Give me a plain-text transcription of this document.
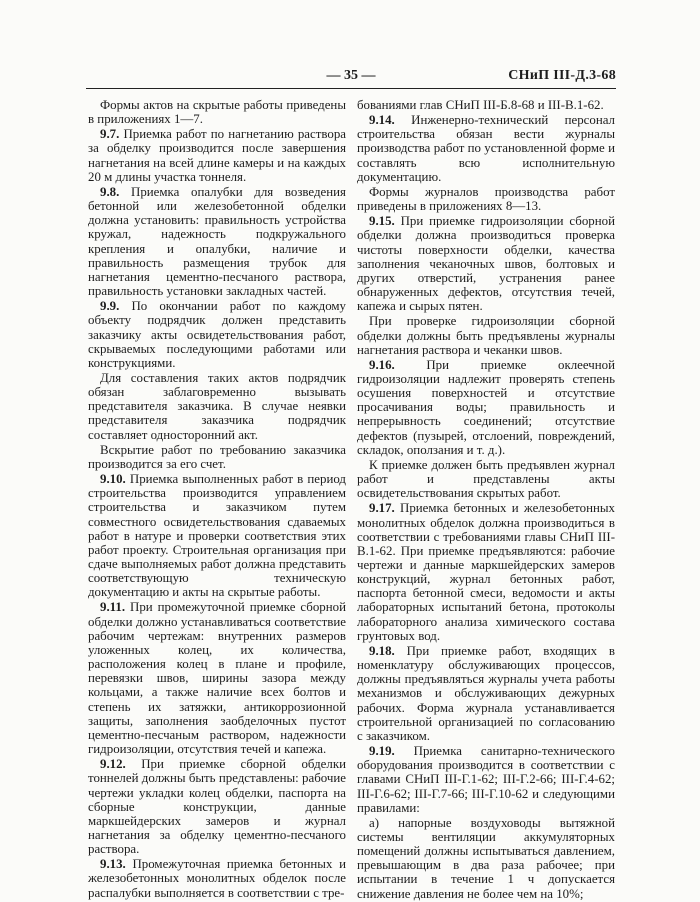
— 35 —	СНиП III-Д.3-68

Формы актов на скрытые работы приведены в приложениях 1—7.

9.7. Приемка работ по нагнетанию раствора за обделку производится после завершения нагнетания на всей длине камеры и на каждых 20 м длины участка тоннеля.

9.8. Приемка опалубки для возведения бетонной или железобетонной обделки должна установить: правильность устройства кружал, надежность подкружального крепления и опалубки, наличие и правильность размещения трубок для нагнетания цементно-песчаного раствора, правильность установки закладных частей.

9.9. По окончании работ по каждому объекту подрядчик должен представить заказчику акты освидетельствования работ, скрываемых последующими работами или конструкциями.

Для составления таких актов подрядчик обязан заблаговременно вызывать представителя заказчика. В случае неявки представителя заказчика подрядчик составляет односторонний акт.

Вскрытие работ по требованию заказчика производится за его счет.

9.10. Приемка выполненных работ в период строительства производится управлением строительства и заказчиком путем совместного освидетельствования сдаваемых работ в натуре и проверки соответствия этих работ проекту. Строительная организация при сдаче выполняемых работ должна представить соответствующую техническую документацию и акты на скрытые работы.

9.11. При промежуточной приемке сборной обделки должно устанавливаться соответствие рабочим чертежам: внутренних размеров уложенных колец, их количества, расположения колец в плане и профиле, перевязки швов, ширины зазора между кольцами, а также наличие всех болтов и степень их затяжки, антикоррозионной защиты, заполнения заобделочных пустот цементно-песчаным раствором, надежности гидроизоляции, отсутствия течей и капежа.

9.12. При приемке сборной обделки тоннелей должны быть представлены: рабочие чертежи укладки колец обделки, паспорта на сборные конструкции, данные маркшейдерских замеров и журнал нагнетания за обделку цементно-песчаного раствора.

9.13. Промежуточная приемка бетонных и железобетонных монолитных обделок после распалубки выполняется в соответствии с тре-

бованиями глав СНиП III-Б.8-68 и III-В.1-62.

9.14. Инженерно-технический персонал строительства обязан вести журналы производства работ по установленной форме и составлять всю исполнительную документацию.

Формы журналов производства работ приведены в приложениях 8—13.

9.15. При приемке гидроизоляции сборной обделки должна производиться проверка чистоты поверхности обделки, качества заполнения чеканочных швов, болтовых и других отверстий, устранения ранее обнаруженных дефектов, отсутствия течей, капежа и сырых пятен.

При проверке гидроизоляции сборной обделки должны быть предъявлены журналы нагнетания раствора и чеканки швов.

9.16. При приемке оклеечной гидроизоляции надлежит проверять степень осушения поверхностей и отсутствие просачивания воды; правильность и непрерывность соединений; отсутствие дефектов (пузырей, отслоений, повреждений, складок, оползания и т. д.).

К приемке должен быть предъявлен журнал работ и представлены акты освидетельствования скрытых работ.

9.17. Приемка бетонных и железобетонных монолитных обделок должна производиться в соответствии с требованиями главы СНиП III-В.1-62. При приемке предъявляются: рабочие чертежи и данные маркшейдерских замеров конструкций, журнал бетонных работ, паспорта бетонной смеси, ведомости и акты лабораторных испытаний бетона, протоколы лабораторного анализа химического состава грунтовых вод.

9.18. При приемке работ, входящих в номенклатуру обслуживающих процессов, должны предъявляться журналы учета работы механизмов и обслуживающих дежурных рабочих. Форма журнала устанавливается строительной организацией по согласованию с заказчиком.

9.19. Приемка санитарно-технического оборудования производится в соответствии с главами СНиП III-Г.1-62; III-Г.2-66; III-Г.4-62; III-Г.6-62; III-Г.7-66; III-Г.10-62 и следующими правилами:

а) напорные воздуховоды вытяжной системы вентиляции аккумуляторных помещений должны испытываться давлением, превышающим в два раза рабочее; при испытании в течение 1 ч допускается снижение давления не более чем на 10%;
